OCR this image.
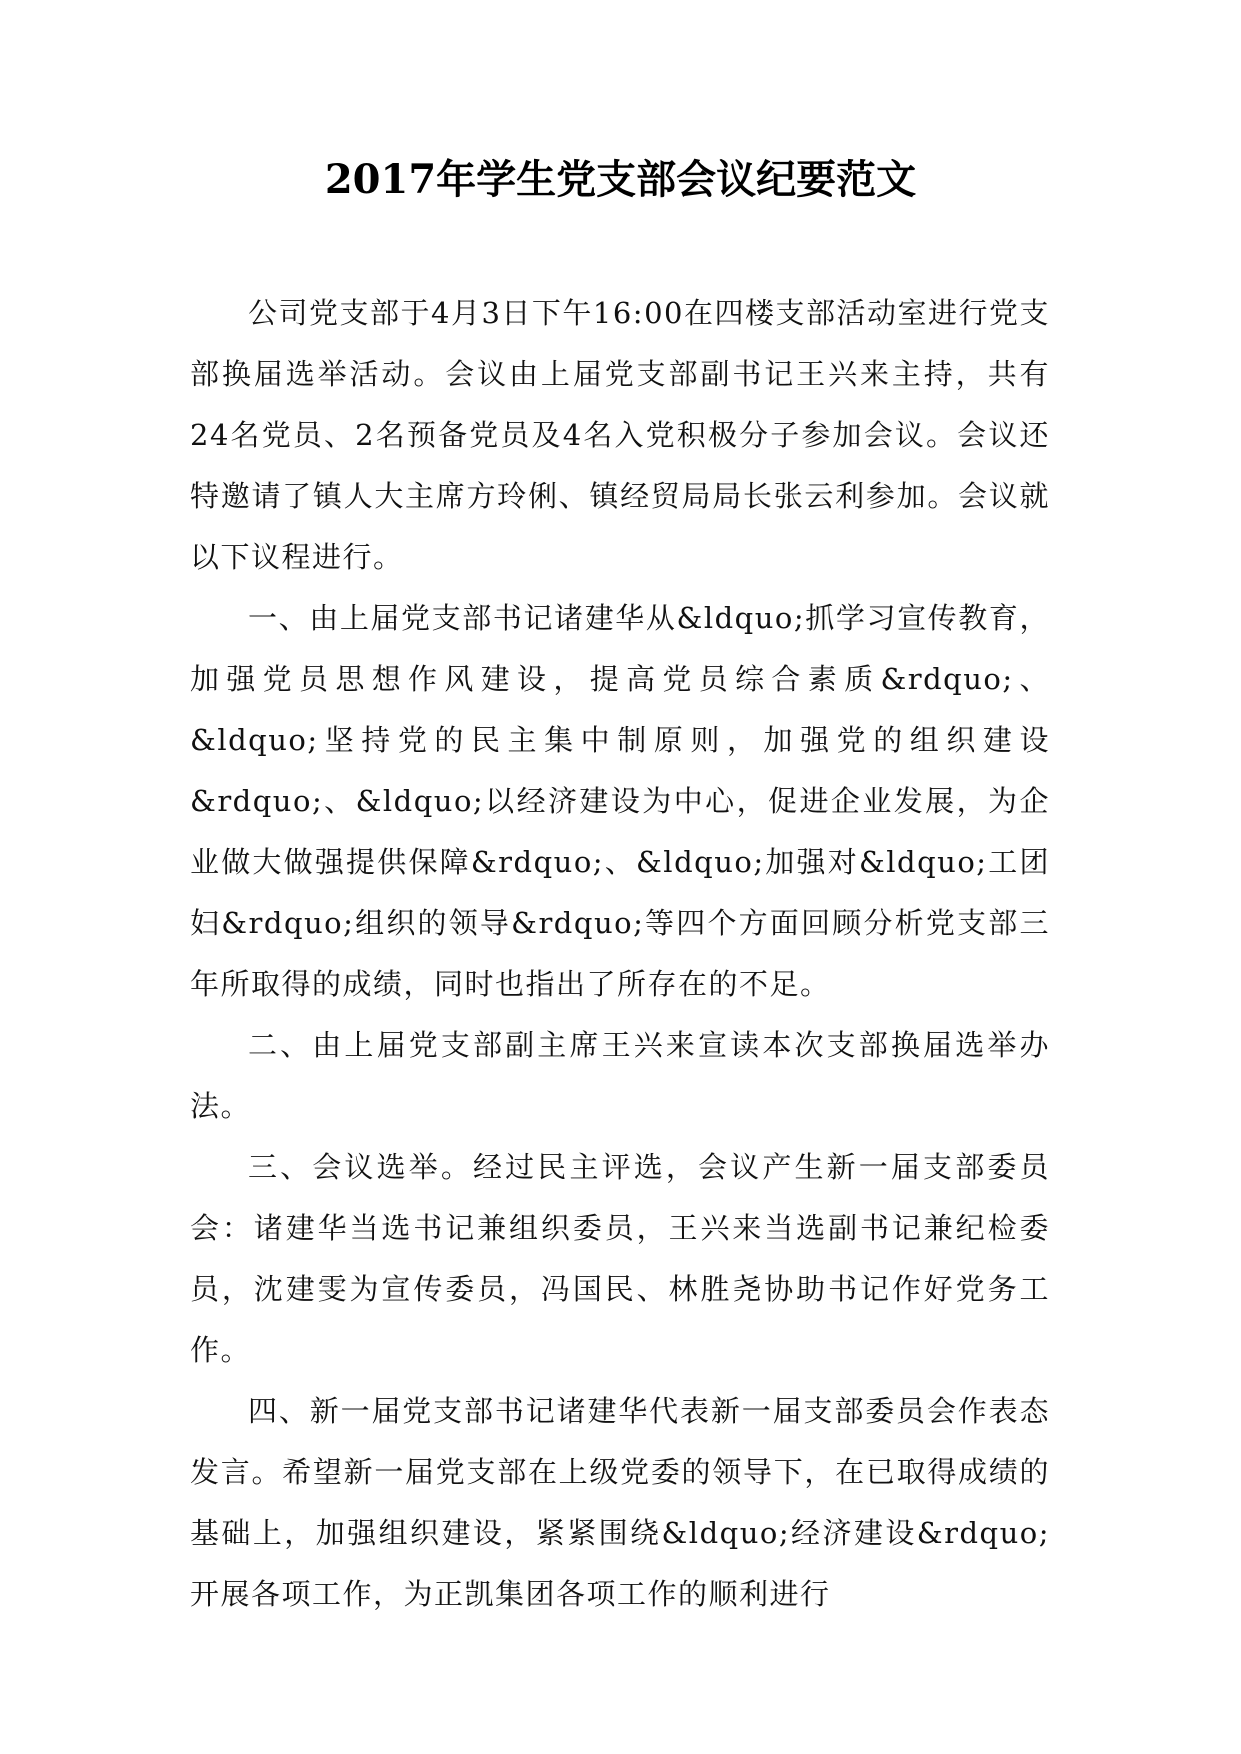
2017年学生党支部会议纪要范文

公司党支部于4月3日下午16:00在四楼支部活动室进行党支部换届选举活动。会议由上届党支部副书记王兴来主持，共有24名党员、2名预备党员及4名入党积极分子参加会议。会议还特邀请了镇人大主席方玲俐、镇经贸局局长张云利参加。会议就以下议程进行。

一、由上届党支部书记诸建华从&ldquo;抓学习宣传教育，加强党员思想作风建设，提高党员综合素质&rdquo;、&ldquo;坚持党的民主集中制原则，加强党的组织建设&rdquo;、&ldquo;以经济建设为中心，促进企业发展，为企业做大做强提供保障&rdquo;、&ldquo;加强对&ldquo;工团妇&rdquo;组织的领导&rdquo;等四个方面回顾分析党支部三年所取得的成绩，同时也指出了所存在的不足。

二、由上届党支部副主席王兴来宣读本次支部换届选举办法。

三、会议选举。经过民主评选，会议产生新一届支部委员会：诸建华当选书记兼组织委员，王兴来当选副书记兼纪检委员，沈建雯为宣传委员，冯国民、林胜尧协助书记作好党务工作。

四、新一届党支部书记诸建华代表新一届支部委员会作表态发言。希望新一届党支部在上级党委的领导下，在已取得成绩的基础上，加强组织建设，紧紧围绕&ldquo;经济建设&rdquo;开展各项工作，为正凯集团各项工作的顺利进行
